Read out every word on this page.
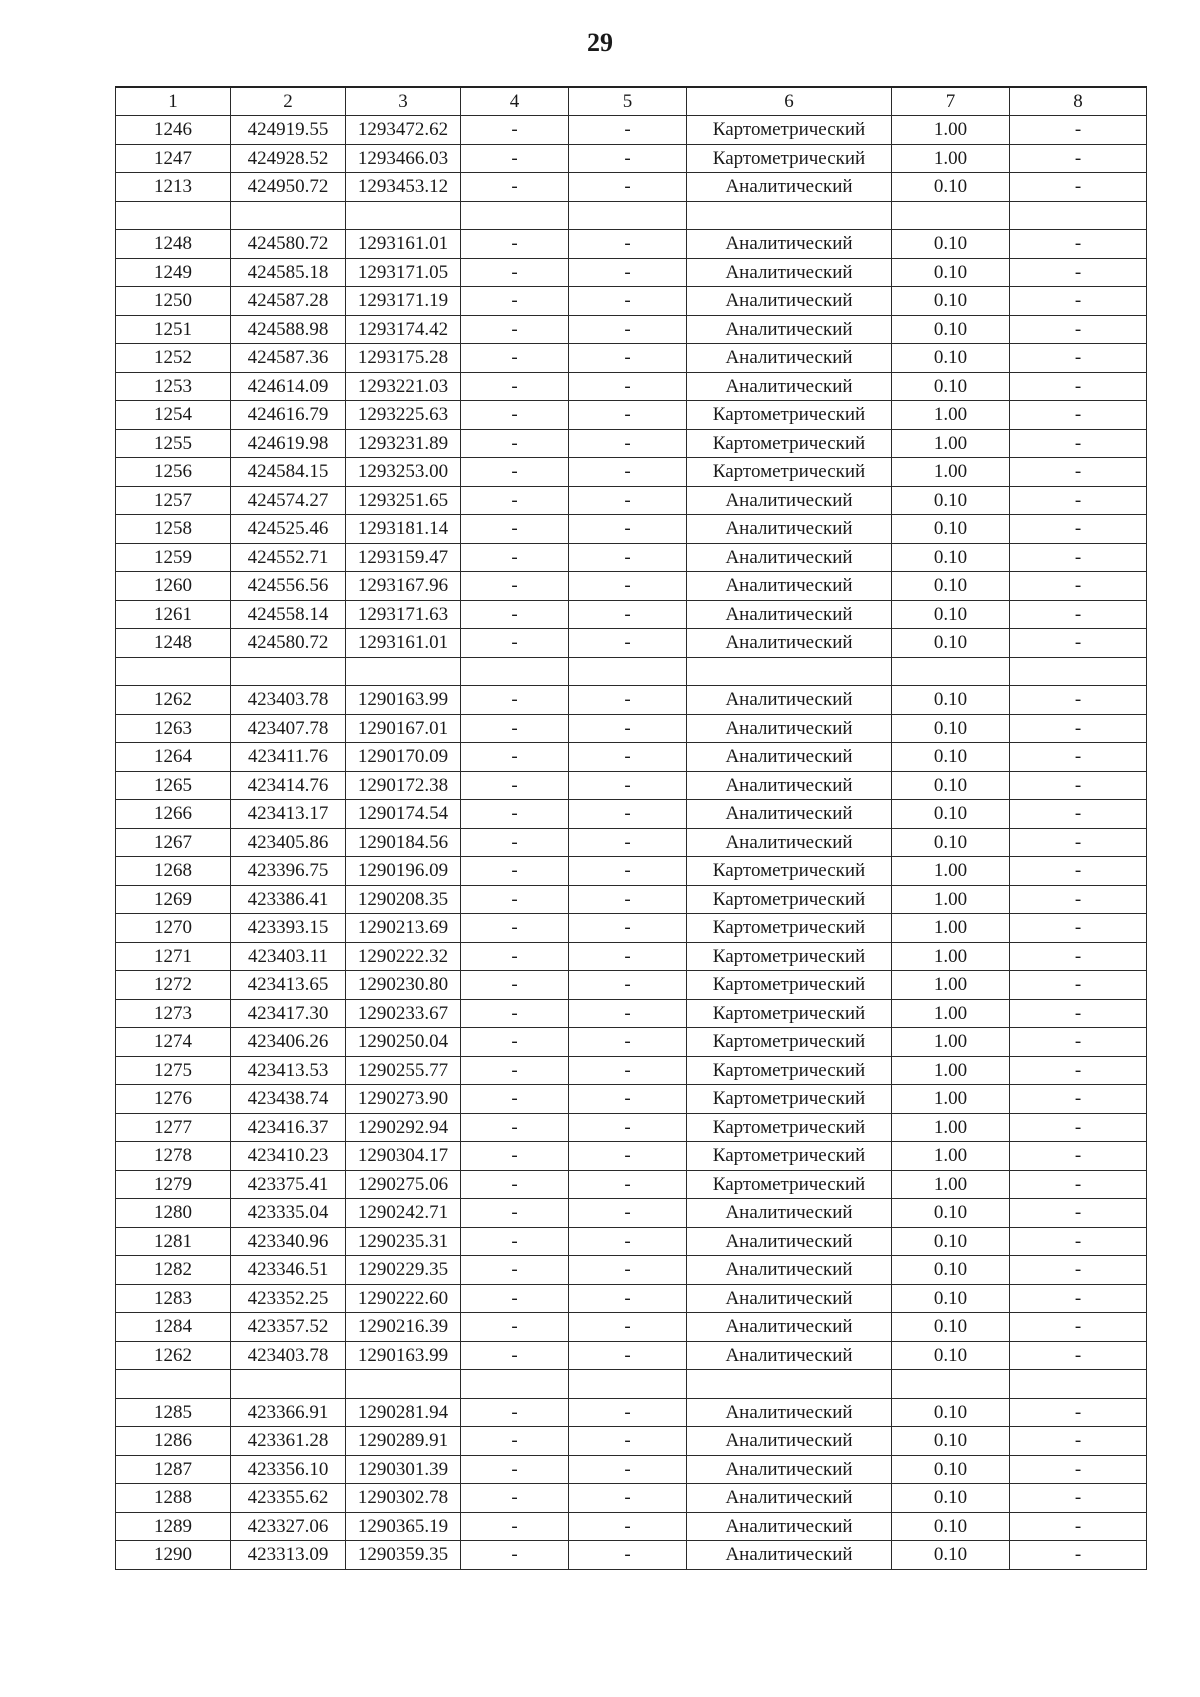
29
1	2	3	4	5	6	7	8
1246	424919.55	1293472.62	-	-	Картометрический	1.00	-
1247	424928.52	1293466.03	-	-	Картометрический	1.00	-
1213	424950.72	1293453.12	-	-	Аналитический	0.10	-

1248	424580.72	1293161.01	-	-	Аналитический	0.10	-
1249	424585.18	1293171.05	-	-	Аналитический	0.10	-
1250	424587.28	1293171.19	-	-	Аналитический	0.10	-
1251	424588.98	1293174.42	-	-	Аналитический	0.10	-
1252	424587.36	1293175.28	-	-	Аналитический	0.10	-
1253	424614.09	1293221.03	-	-	Аналитический	0.10	-
1254	424616.79	1293225.63	-	-	Картометрический	1.00	-
1255	424619.98	1293231.89	-	-	Картометрический	1.00	-
1256	424584.15	1293253.00	-	-	Картометрический	1.00	-
1257	424574.27	1293251.65	-	-	Аналитический	0.10	-
1258	424525.46	1293181.14	-	-	Аналитический	0.10	-
1259	424552.71	1293159.47	-	-	Аналитический	0.10	-
1260	424556.56	1293167.96	-	-	Аналитический	0.10	-
1261	424558.14	1293171.63	-	-	Аналитический	0.10	-
1248	424580.72	1293161.01	-	-	Аналитический	0.10	-

1262	423403.78	1290163.99	-	-	Аналитический	0.10	-
1263	423407.78	1290167.01	-	-	Аналитический	0.10	-
1264	423411.76	1290170.09	-	-	Аналитический	0.10	-
1265	423414.76	1290172.38	-	-	Аналитический	0.10	-
1266	423413.17	1290174.54	-	-	Аналитический	0.10	-
1267	423405.86	1290184.56	-	-	Аналитический	0.10	-
1268	423396.75	1290196.09	-	-	Картометрический	1.00	-
1269	423386.41	1290208.35	-	-	Картометрический	1.00	-
1270	423393.15	1290213.69	-	-	Картометрический	1.00	-
1271	423403.11	1290222.32	-	-	Картометрический	1.00	-
1272	423413.65	1290230.80	-	-	Картометрический	1.00	-
1273	423417.30	1290233.67	-	-	Картометрический	1.00	-
1274	423406.26	1290250.04	-	-	Картометрический	1.00	-
1275	423413.53	1290255.77	-	-	Картометрический	1.00	-
1276	423438.74	1290273.90	-	-	Картометрический	1.00	-
1277	423416.37	1290292.94	-	-	Картометрический	1.00	-
1278	423410.23	1290304.17	-	-	Картометрический	1.00	-
1279	423375.41	1290275.06	-	-	Картометрический	1.00	-
1280	423335.04	1290242.71	-	-	Аналитический	0.10	-
1281	423340.96	1290235.31	-	-	Аналитический	0.10	-
1282	423346.51	1290229.35	-	-	Аналитический	0.10	-
1283	423352.25	1290222.60	-	-	Аналитический	0.10	-
1284	423357.52	1290216.39	-	-	Аналитический	0.10	-
1262	423403.78	1290163.99	-	-	Аналитический	0.10	-

1285	423366.91	1290281.94	-	-	Аналитический	0.10	-
1286	423361.28	1290289.91	-	-	Аналитический	0.10	-
1287	423356.10	1290301.39	-	-	Аналитический	0.10	-
1288	423355.62	1290302.78	-	-	Аналитический	0.10	-
1289	423327.06	1290365.19	-	-	Аналитический	0.10	-
1290	423313.09	1290359.35	-	-	Аналитический	0.10	-
